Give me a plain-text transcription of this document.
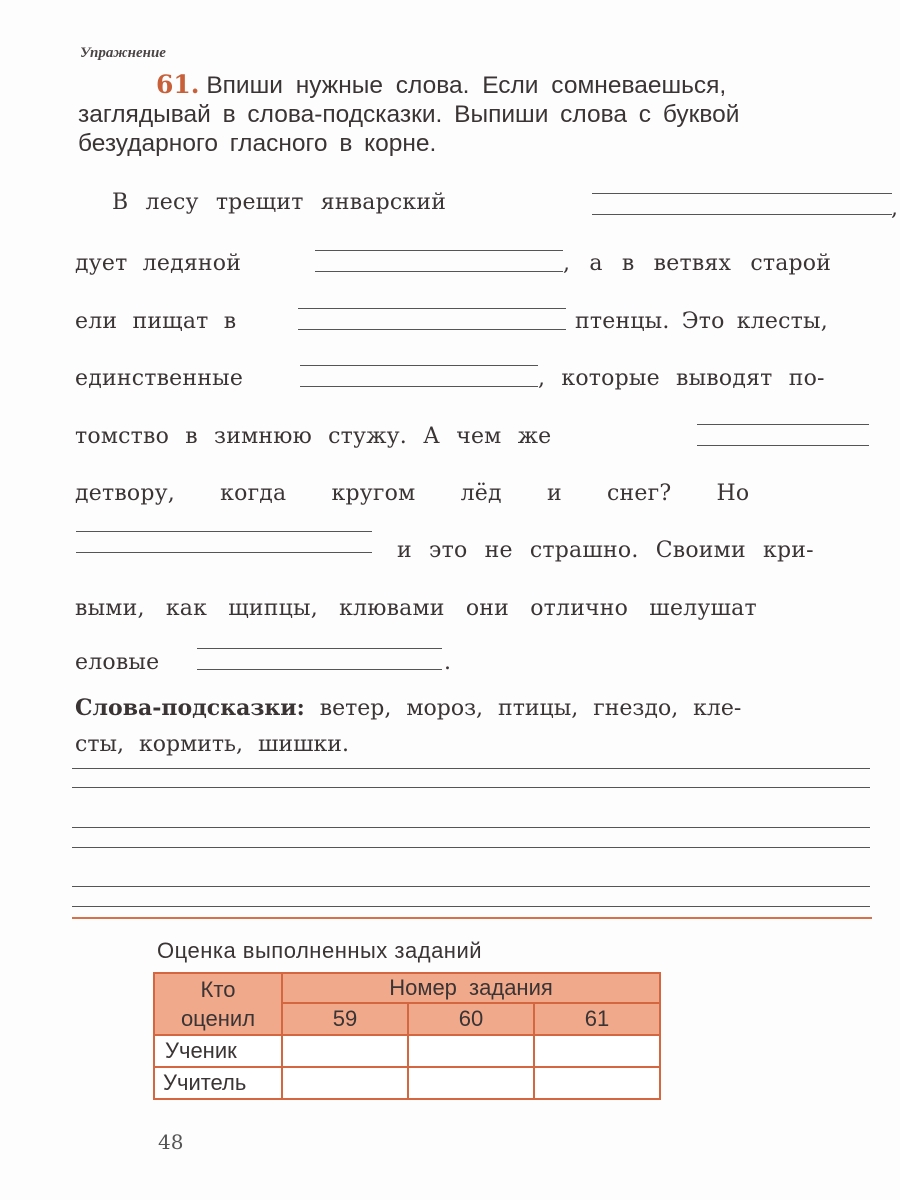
Упражнение
61. Впиши нужные слова. Если сомневаешься,
заглядывай в слова-подсказки. Выпиши слова с буквой
безударного гласного в корне.
В лесу трещит январский	,
дует ледяной	, а в ветвях старой
ели пищат в	птенцы. Это клесты,
единственные	, которые выводят по-
томство в зимнюю стужу. А чем же
детвору, когда кругом лёд и снег? Но
и это не страшно. Своими кри-
выми, как щипцы, клювами они отлично шелушат
еловые	.
Слова-подсказки: ветер, мороз, птицы, гнездо, кле-
сты, кормить, шишки.
Оценка выполненных заданий
Кто
оценил	Номер задания		
	59	60	61
Ученик			
Учитель			
48
